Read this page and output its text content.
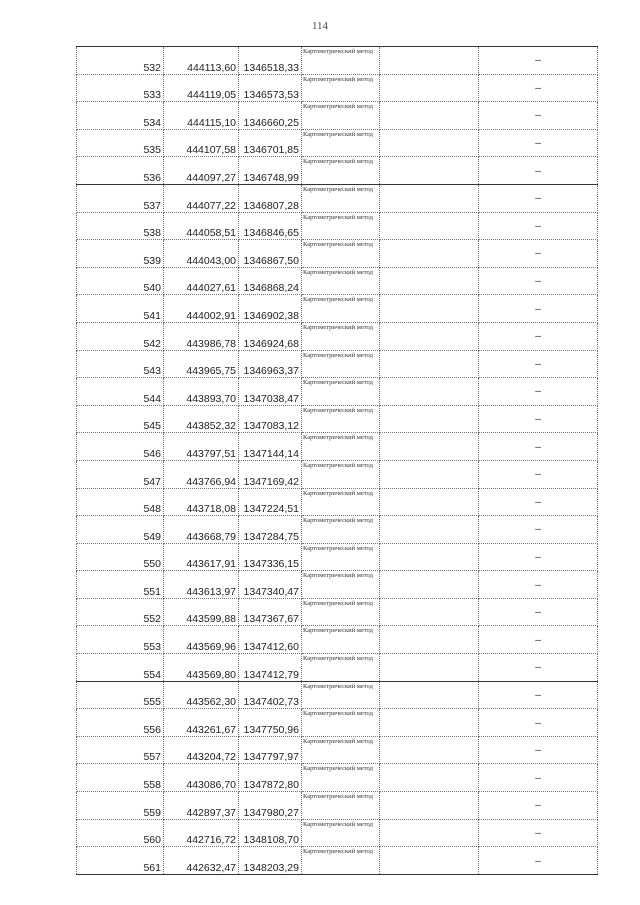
114
532	444113,60	1346518,33	Картометрический метод		–
533	444119,05	1346573,53	Картометрический метод		–
534	444115,10	1346660,25	Картометрический метод		–
535	444107,58	1346701,85	Картометрический метод		–
536	444097,27	1346748,99	Картометрический метод		–
537	444077,22	1346807,28	Картометрический метод		–
538	444058,51	1346846,65	Картометрический метод		–
539	444043,00	1346867,50	Картометрический метод		–
540	444027,61	1346868,24	Картометрический метод		–
541	444002,91	1346902,38	Картометрический метод		–
542	443986,78	1346924,68	Картометрический метод		–
543	443965,75	1346963,37	Картометрический метод		–
544	443893,70	1347038,47	Картометрический метод		–
545	443852,32	1347083,12	Картометрический метод		–
546	443797,51	1347144,14	Картометрический метод		–
547	443766,94	1347169,42	Картометрический метод		–
548	443718,08	1347224,51	Картометрический метод		–
549	443668,79	1347284,75	Картометрический метод		–
550	443617,91	1347336,15	Картометрический метод		–
551	443613,97	1347340,47	Картометрический метод		–
552	443599,88	1347367,67	Картометрический метод		–
553	443569,96	1347412,60	Картометрический метод		–
554	443569,80	1347412,79	Картометрический метод		–
555	443562,30	1347402,73	Картометрический метод		–
556	443261,67	1347750,96	Картометрический метод		–
557	443204,72	1347797,97	Картометрический метод		–
558	443086,70	1347872,80	Картометрический метод		–
559	442897,37	1347980,27	Картометрический метод		–
560	442716,72	1348108,70	Картометрический метод		–
561	442632,47	1348203,29	Картометрический метод		–
